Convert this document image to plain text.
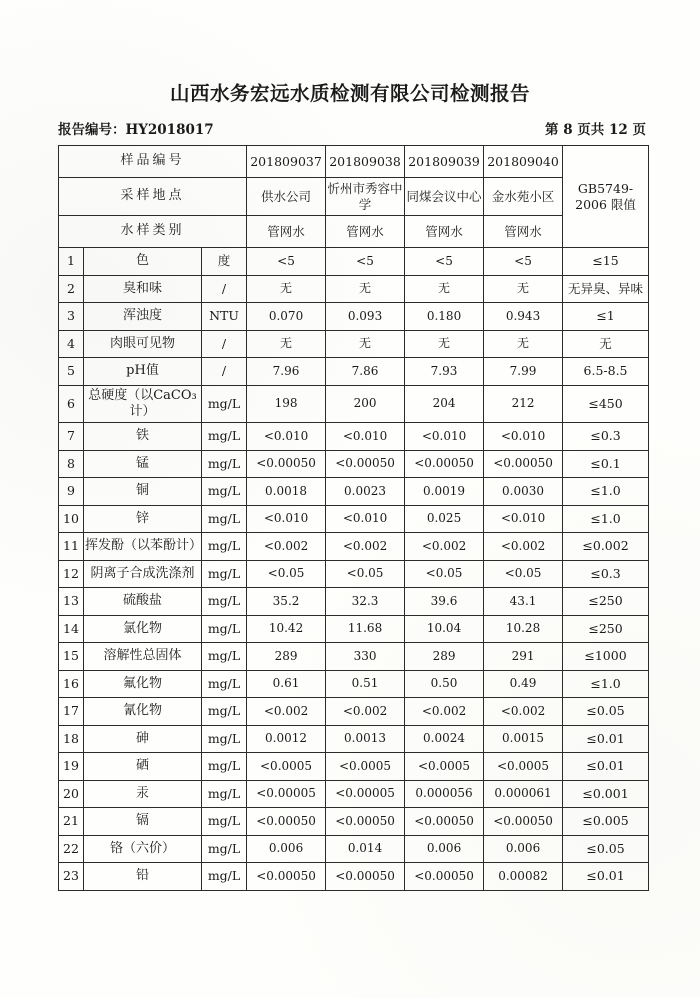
山西水务宏远水质检测有限公司检测报告
报告编号：HY2018017	第 8 页共 12 页
样品编号			201809037	201809038	201809039	201809040	GB5749-
2006 限值
采样地点			供水公司	忻州市秀容中学	同煤会议中心	金水苑小区	
水样类别			管网水	管网水	管网水	管网水	
1	色	度	<5	<5	<5	<5	≤15
2	臭和味	/	无	无	无	无	无异臭、异味
3	浑浊度	NTU	0.070	0.093	0.180	0.943	≤1
4	肉眼可见物	/	无	无	无	无	无
5	pH值	/	7.96	7.86	7.93	7.99	6.5-8.5
6	总硬度（以CaCO₃计）	mg/L	198	200	204	212	≤450
7	铁	mg/L	<0.010	<0.010	<0.010	<0.010	≤0.3
8	锰	mg/L	<0.00050	<0.00050	<0.00050	<0.00050	≤0.1
9	铜	mg/L	0.0018	0.0023	0.0019	0.0030	≤1.0
10	锌	mg/L	<0.010	<0.010	0.025	<0.010	≤1.0
11	挥发酚（以苯酚计）	mg/L	<0.002	<0.002	<0.002	<0.002	≤0.002
12	阴离子合成洗涤剂	mg/L	<0.05	<0.05	<0.05	<0.05	≤0.3
13	硫酸盐	mg/L	35.2	32.3	39.6	43.1	≤250
14	氯化物	mg/L	10.42	11.68	10.04	10.28	≤250
15	溶解性总固体	mg/L	289	330	289	291	≤1000
16	氟化物	mg/L	0.61	0.51	0.50	0.49	≤1.0
17	氰化物	mg/L	<0.002	<0.002	<0.002	<0.002	≤0.05
18	砷	mg/L	0.0012	0.0013	0.0024	0.0015	≤0.01
19	硒	mg/L	<0.0005	<0.0005	<0.0005	<0.0005	≤0.01
20	汞	mg/L	<0.00005	<0.00005	0.000056	0.000061	≤0.001
21	镉	mg/L	<0.00050	<0.00050	<0.00050	<0.00050	≤0.005
22	铬（六价）	mg/L	0.006	0.014	0.006	0.006	≤0.05
23	铅	mg/L	<0.00050	<0.00050	<0.00050	0.00082	≤0.01
